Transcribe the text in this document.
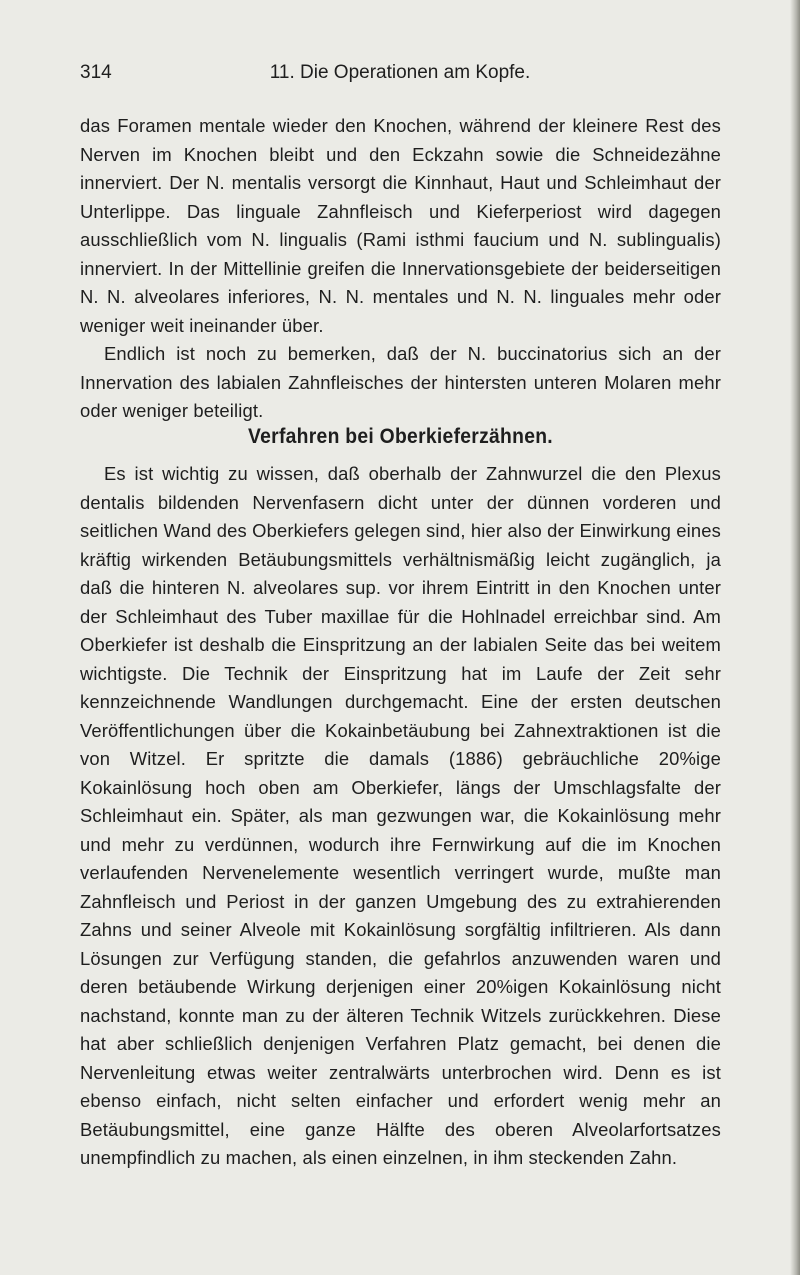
314	11. Die Operationen am Kopfe.

das Foramen mentale wieder den Knochen, während der kleinere Rest des Nerven im Knochen bleibt und den Eckzahn sowie die Schneidezähne innerviert. Der N. mentalis versorgt die Kinnhaut, Haut und Schleimhaut der Unterlippe. Das linguale Zahnfleisch und Kieferperiost wird dagegen ausschließlich vom N. lingualis (Rami isthmi faucium und N. sublingualis) innerviert. In der Mittellinie greifen die Innervationsgebiete der beiderseitigen N. N. alveolares inferiores, N. N. mentales und N. N. linguales mehr oder weniger weit ineinander über.

Endlich ist noch zu bemerken, daß der N. buccinatorius sich an der Innervation des labialen Zahnfleisches der hintersten unteren Molaren mehr oder weniger beteiligt.

Verfahren bei Oberkieferzähnen.

Es ist wichtig zu wissen, daß oberhalb der Zahnwurzel die den Plexus dentalis bildenden Nervenfasern dicht unter der dünnen vorderen und seitlichen Wand des Oberkiefers gelegen sind, hier also der Einwirkung eines kräftig wirkenden Betäubungsmittels verhältnismäßig leicht zugänglich, ja daß die hinteren N. alveolares sup. vor ihrem Eintritt in den Knochen unter der Schleimhaut des Tuber maxillae für die Hohlnadel erreichbar sind. Am Oberkiefer ist deshalb die Einspritzung an der labialen Seite das bei weitem wichtigste. Die Technik der Einspritzung hat im Laufe der Zeit sehr kennzeichnende Wandlungen durchgemacht. Eine der ersten deutschen Veröffentlichungen über die Kokainbetäubung bei Zahnextraktionen ist die von Witzel. Er spritzte die damals (1886) gebräuchliche 20%ige Kokainlösung hoch oben am Oberkiefer, längs der Umschlagsfalte der Schleimhaut ein. Später, als man gezwungen war, die Kokainlösung mehr und mehr zu verdünnen, wodurch ihre Fernwirkung auf die im Knochen verlaufenden Nervenelemente wesentlich verringert wurde, mußte man Zahnfleisch und Periost in der ganzen Umgebung des zu extrahierenden Zahns und seiner Alveole mit Kokainlösung sorgfältig infiltrieren. Als dann Lösungen zur Verfügung standen, die gefahrlos anzuwenden waren und deren betäubende Wirkung derjenigen einer 20%igen Kokainlösung nicht nachstand, konnte man zu der älteren Technik Witzels zurückkehren. Diese hat aber schließlich denjenigen Verfahren Platz gemacht, bei denen die Nervenleitung etwas weiter zentralwärts unterbrochen wird. Denn es ist ebenso einfach, nicht selten einfacher und erfordert wenig mehr an Betäubungsmittel, eine ganze Hälfte des oberen Alveolarfortsatzes unempfindlich zu machen, als einen einzelnen, in ihm steckenden Zahn.
